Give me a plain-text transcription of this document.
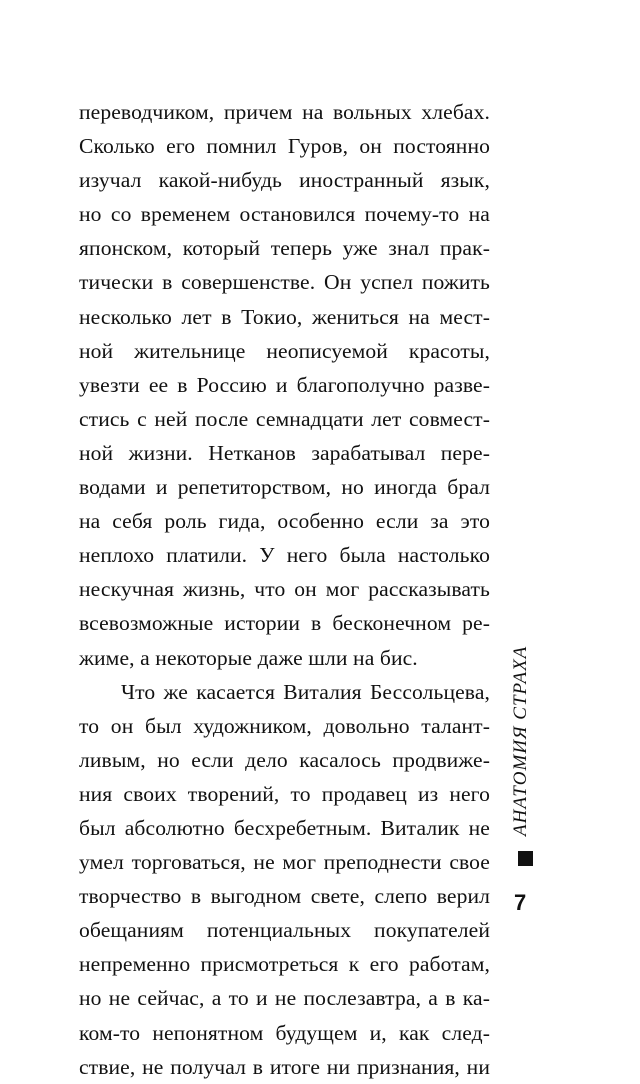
переводчиком, причем на вольных хлебах.
Сколько его помнил Гуров, он постоянно
изучал какой-нибудь иностранный язык,
но со временем остановился почему-то на
японском, который теперь уже знал прак-
тически в совершенстве. Он успел пожить
несколько лет в Токио, жениться на мест-
ной жительнице неописуемой красоты,
увезти ее в Россию и благополучно разве-
стись с ней после семнадцати лет совмест-
ной жизни. Нетканов зарабатывал пере-
водами и репетиторством, но иногда брал
на себя роль гида, особенно если за это
неплохо платили. У него была настолько
нескучная жизнь, что он мог рассказывать
всевозможные истории в бесконечном ре-
жиме, а некоторые даже шли на бис.
Что же касается Виталия Бессольцева,
то он был художником, довольно талант-
ливым, но если дело касалось продвиже-
ния своих творений, то продавец из него
был абсолютно бесхребетным. Виталик не
умел торговаться, не мог преподнести свое
творчество в выгодном свете, слепо верил
обещаниям потенциальных покупателей
непременно присмотреться к его работам,
но не сейчас, а то и не послезавтра, а в ка-
ком-то непонятном будущем и, как след-
ствие, не получал в итоге ни признания, ни
АНАТОМИЯ СТРАХА
7
